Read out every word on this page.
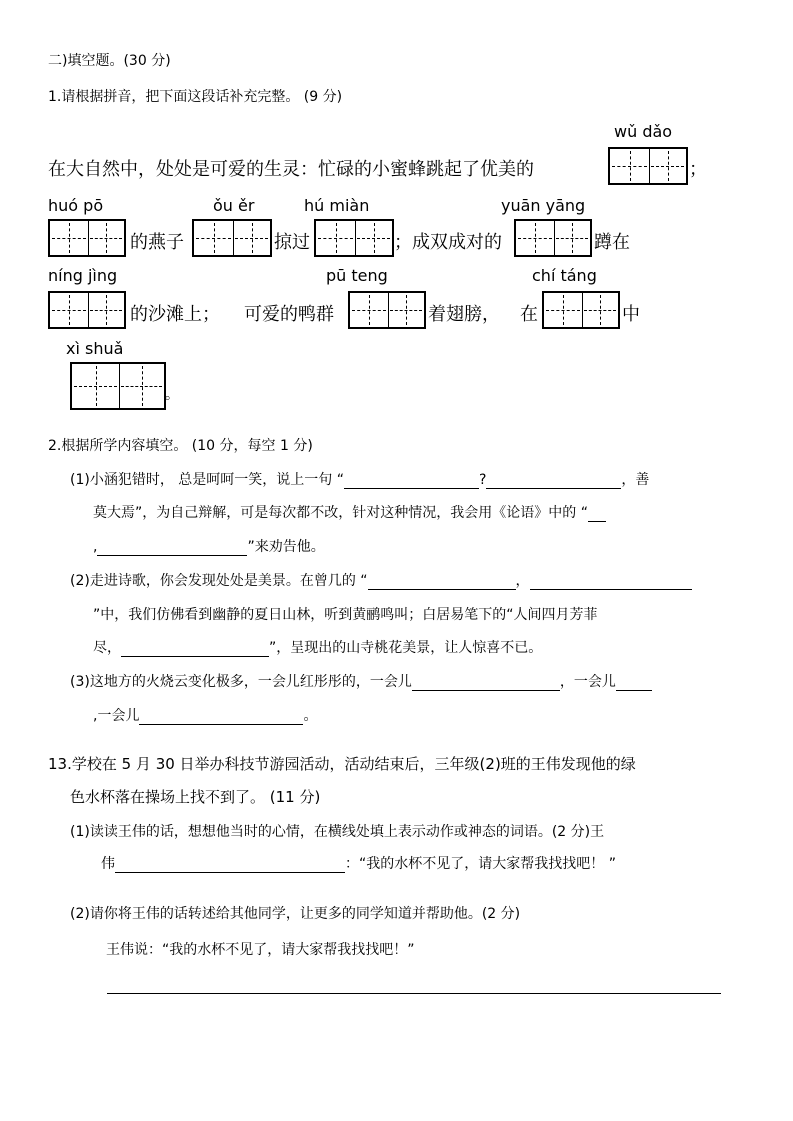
二)填空题。(30 分)
1.请根据拼音，把下面这段话补充完整。 (9 分)
wǔ dǎo
在大自然中，处处是可爱的生灵：忙碌的小蜜蜂跳起了优美的	；
huó pō	ǒu ěr	hú miàn	yuān yāng
的燕子	掠过	；成双成对的	蹲在
níng jìng	pū teng	chí táng
的沙滩上； 可爱的鸭群	着翅膀， 在	中
xì shuǎ
。
2.根据所学内容填空。 (10 分，每空 1 分)
(1)小涵犯错时， 总是呵呵一笑，说上一句 “	?	，善
莫大焉”，为自己辩解，可是每次都不改，针对这种情况，我会用《论语》中的 “
,	”来劝告他。
(2)走进诗歌，你会发现处处是美景。在曾几的 “	，
”中，我们仿佛看到幽静的夏日山林，听到黄鹂鸣叫；白居易笔下的“人间四月芳菲
尽，	”，呈现出的山寺桃花美景，让人惊喜不已。
(3)这地方的火烧云变化极多，一会儿红彤彤的，一会儿	，一会儿
,一会儿	。
13.学校在 5 月 30 日举办科技节游园活动，活动结束后，三年级(2)班的王伟发现他的绿
色水杯落在操场上找不到了。 (11 分)
(1)读读王伟的话，想想他当时的心情，在横线处填上表示动作或神态的词语。(2 分)王
伟	：“我的水杯不见了，请大家帮我找找吧！ ”
(2)请你将王伟的话转述给其他同学，让更多的同学知道并帮助他。(2 分)
王伟说：“我的水杯不见了，请大家帮我找找吧！”
